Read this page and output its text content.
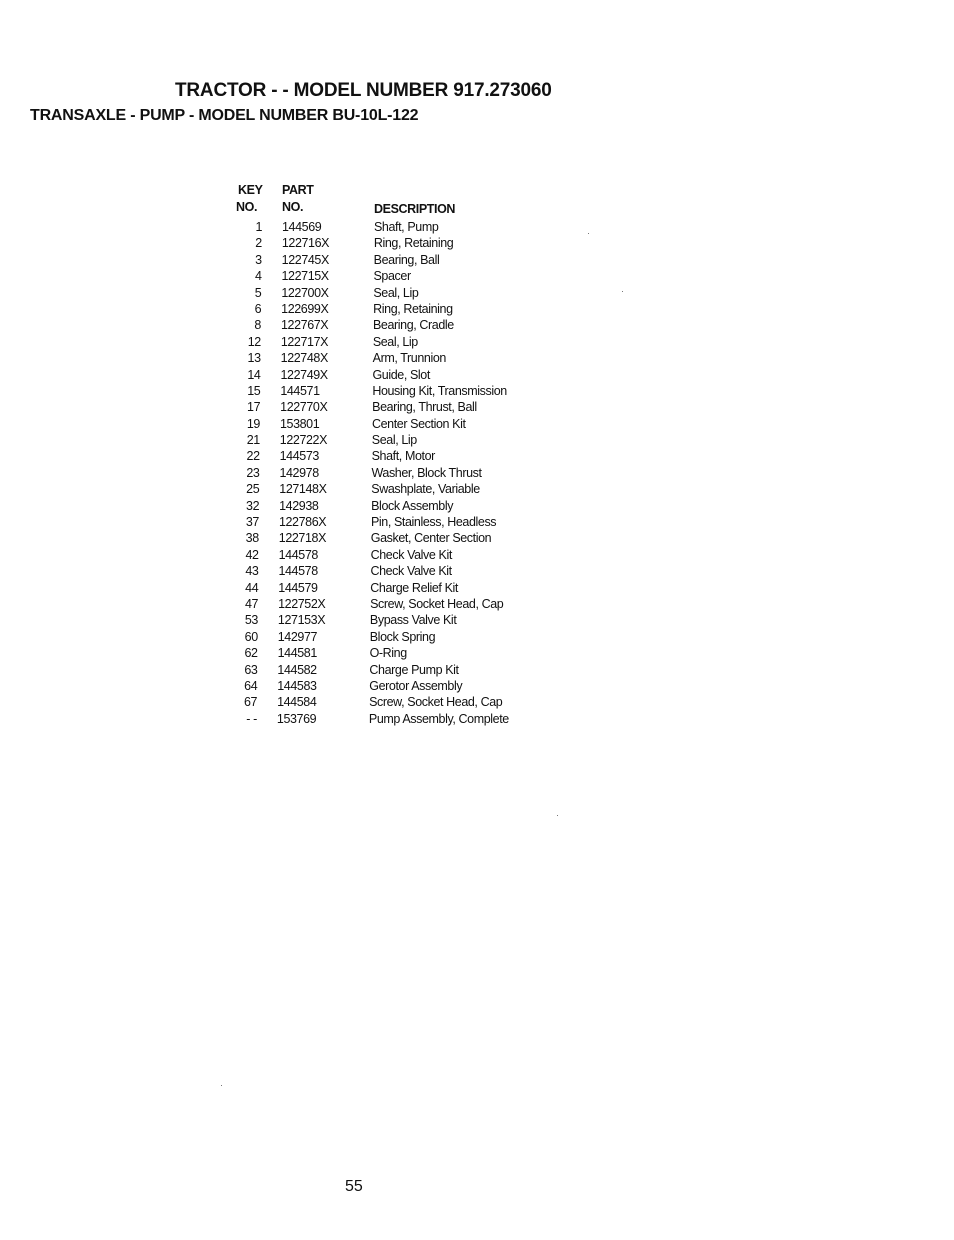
TRACTOR - - MODEL NUMBER 917.273060
TRANSAXLE - PUMP - MODEL NUMBER BU-10L-122
KEY
NO.
PART
NO.	DESCRIPTION
1 144569	Shaft, Pump
2 122716X	Ring, Retaining
3 122745X	Bearing, Ball
4 122715X	Spacer
5 122700X	Seal, Lip
6 122699X	Ring, Retaining
8 122767X	Bearing, Cradle
12 122717X	Seal, Lip
13 122748X	Arm, Trunnion
14 122749X	Guide, Slot
15 144571	Housing Kit, Transmission
17 122770X	Bearing, Thrust, Ball
19 153801	Center Section Kit
21 122722X	Seal, Lip
22 144573	Shaft, Motor
23 142978	Washer, Block Thrust
25 127148X	Swashplate, Variable
32 142938	Block Assembly
37 122786X	Pin, Stainless, Headless
38 122718X	Gasket, Center Section
42 144578	Check Valve Kit
43 144578	Check Valve Kit
44 144579	Charge Relief Kit
47 122752X	Screw, Socket Head, Cap
53 127153X	Bypass Valve Kit
60 142977	Block Spring
62 144581	O-Ring
63 144582	Charge Pump Kit
64 144583	Gerotor Assembly
67 144584	Screw, Socket Head, Cap
- - 153769	Pump Assembly, Complete
55
